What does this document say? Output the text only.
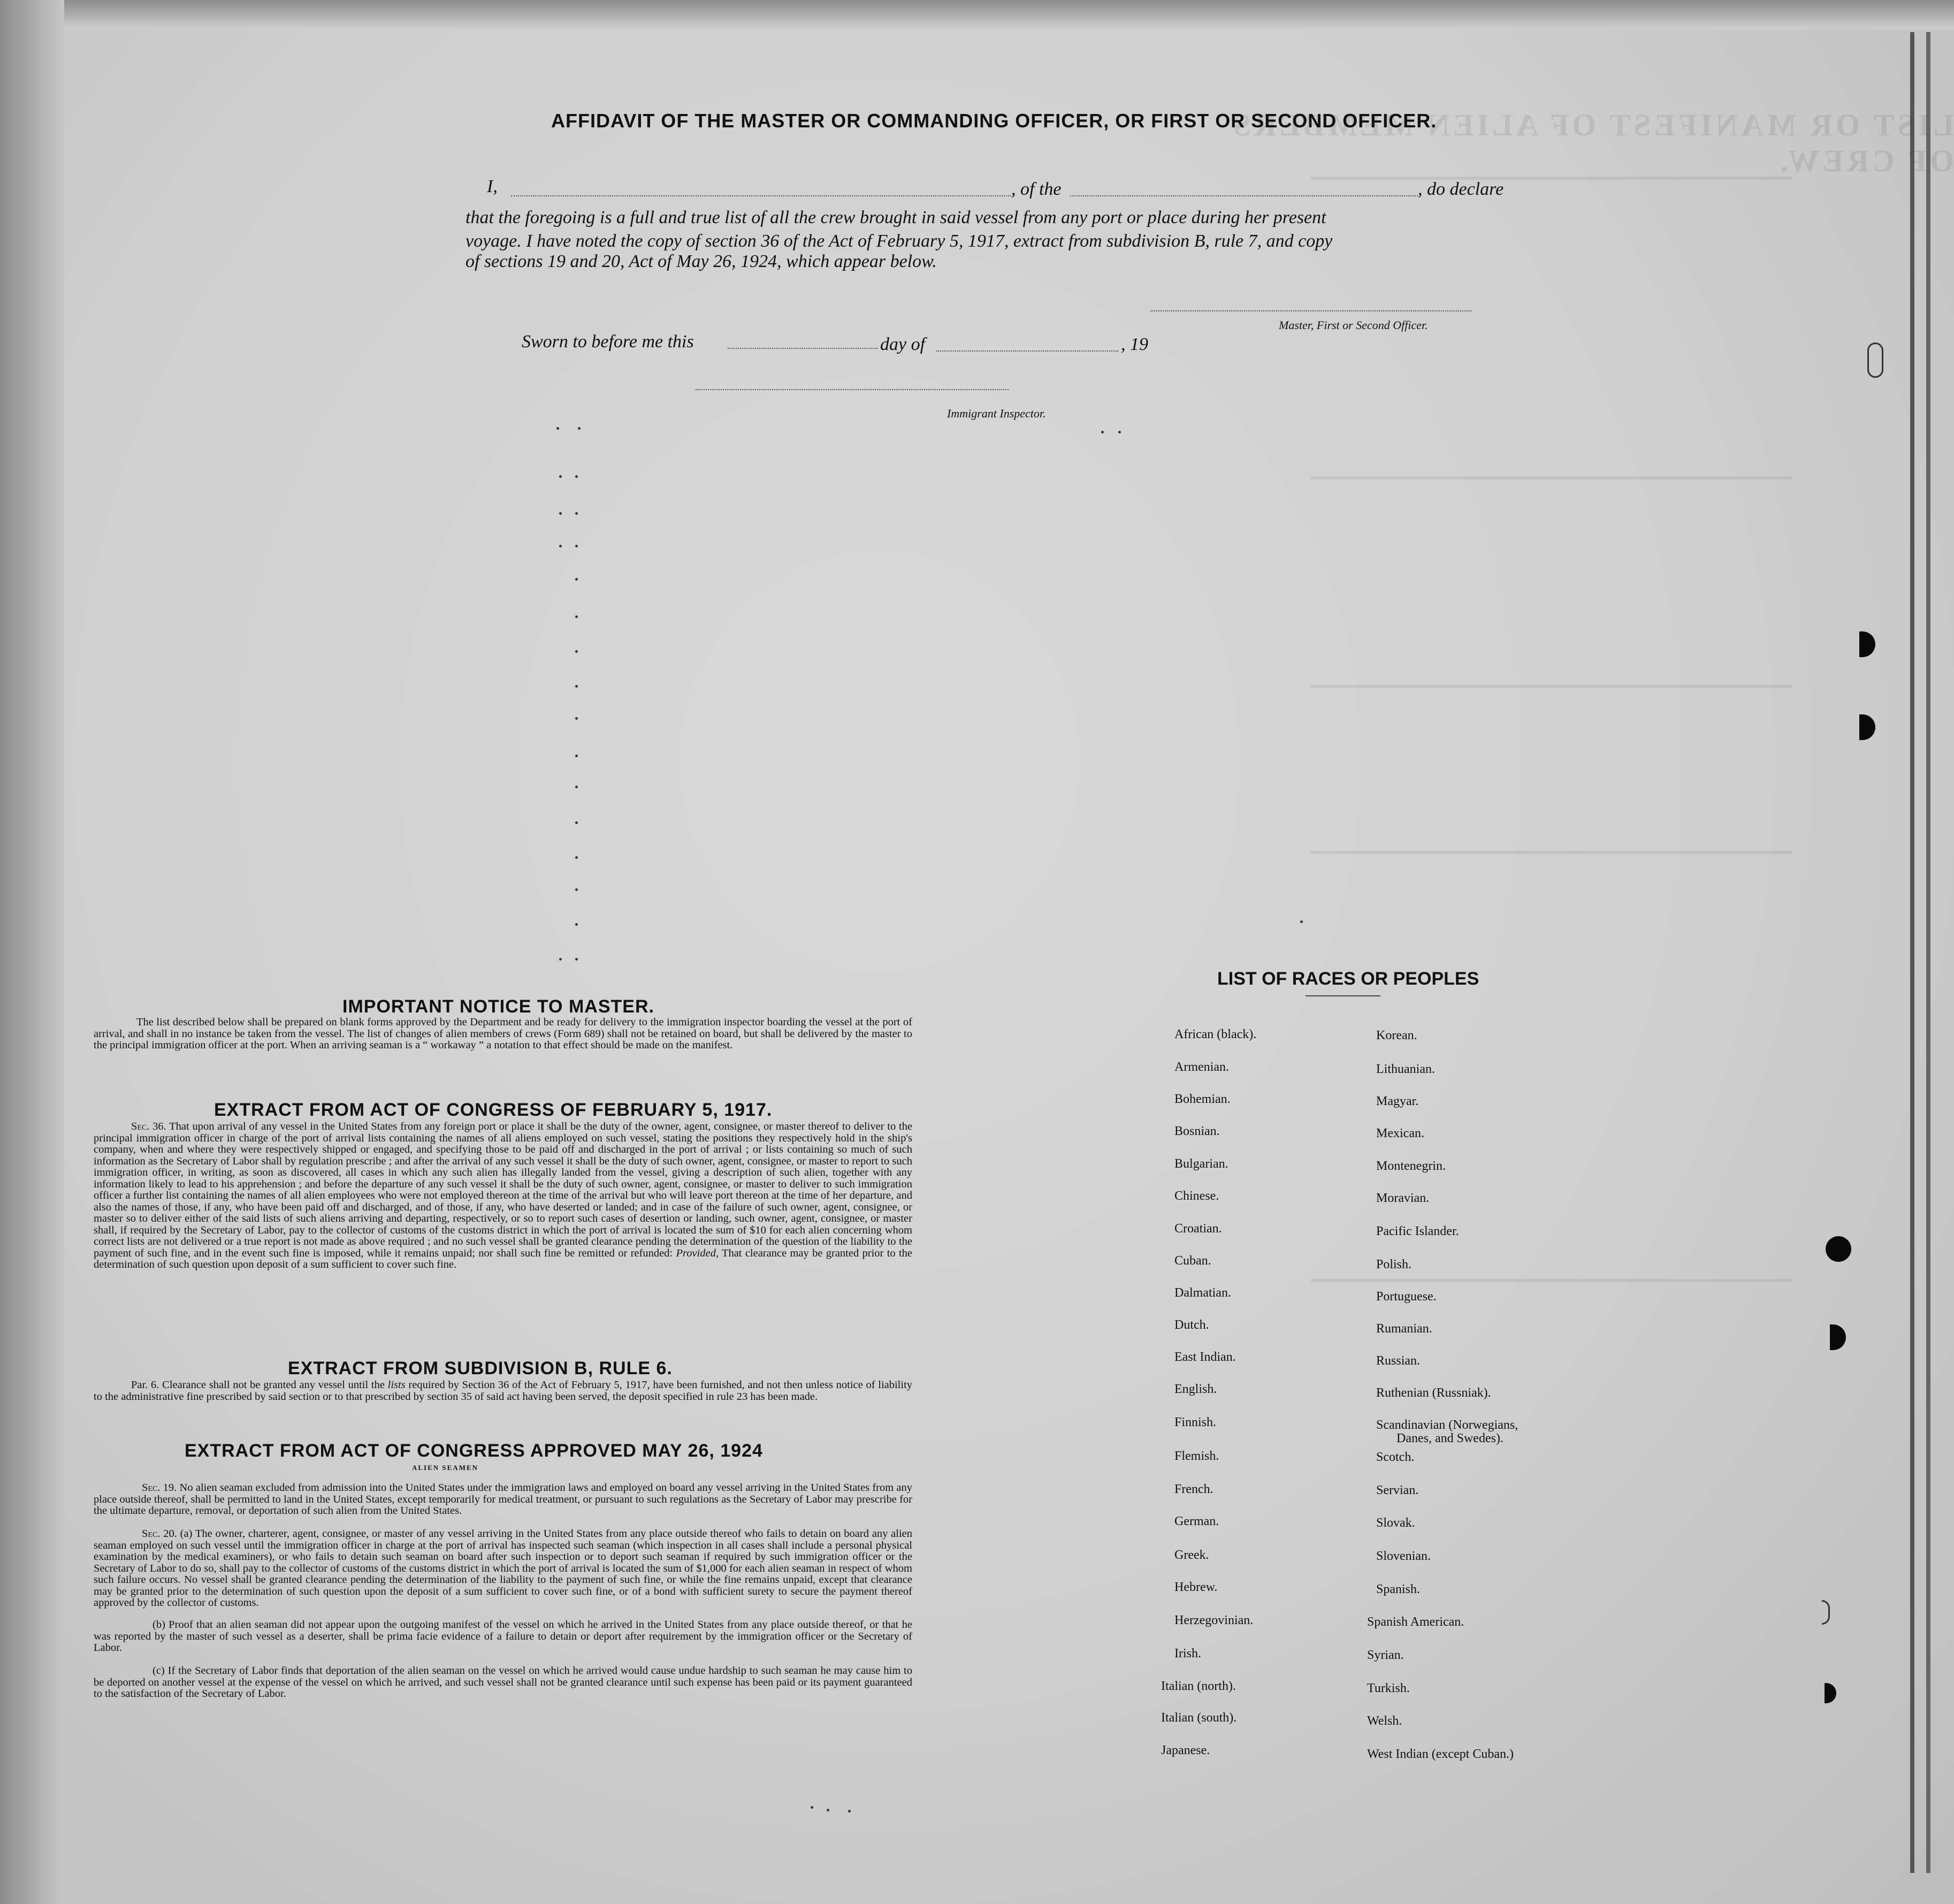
LIST OR MANIFEST OF ALIEN MEMBERS OF CREW.
AFFIDAVIT OF THE MASTER OR COMMANDING OFFICER, OR FIRST OR SECOND OFFICER.
I,	, of the	, do declare
that the foregoing is a full and true list of all the crew brought in said vessel from any port or place during her present
voyage. I have noted the copy of section 36 of the Act of February 5, 1917, extract from subdivision B, rule 7, and copy
of sections 19 and 20, Act of May 26, 1924, which appear below.
Master, First or Second Officer.
Sworn to before me this	day of	, 19
Immigrant Inspector.
IMPORTANT NOTICE TO MASTER.

The list described below shall be prepared on blank forms approved by the Department and be ready for delivery to the immigration inspector boarding the vessel at the port of arrival, and shall in no instance be taken from the vessel. The list of changes of alien members of crews (Form 689) shall not be retained on board, but shall be delivered by the master to the principal immigration officer at the port. When an arriving seaman is a “ workaway ” a notation to that effect should be made on the manifest.

EXTRACT FROM ACT OF CONGRESS OF FEBRUARY 5, 1917.

Sec. 36. That upon arrival of any vessel in the United States from any foreign port or place it shall be the duty of the owner, agent, consignee, or master thereof to deliver to the principal immigration officer in charge of the port of arrival lists containing the names of all aliens employed on such vessel, stating the positions they respectively hold in the ship's company, when and where they were respectively shipped or engaged, and specifying those to be paid off and discharged in the port of arrival ; or lists containing so much of such information as the Secretary of Labor shall by regulation prescribe ; and after the arrival of any such vessel it shall be the duty of such owner, agent, consignee, or master to report to such immigration officer, in writing, as soon as discovered, all cases in which any such alien has illegally landed from the vessel, giving a description of such alien, together with any information likely to lead to his apprehension ; and before the departure of any such vessel it shall be the duty of such owner, agent, consignee, or master to deliver to such immigration officer a further list containing the names of all alien employees who were not employed thereon at the time of the arrival but who will leave port thereon at the time of her departure, and also the names of those, if any, who have been paid off and discharged, and of those, if any, who have deserted or landed; and in case of the failure of such owner, agent, consignee, or master so to deliver either of the said lists of such aliens arriving and departing, respectively, or so to report such cases of desertion or landing, such owner, agent, consignee, or master shall, if required by the Secretary of Labor, pay to the collector of customs of the customs district in which the port of arrival is located the sum of $10 for each alien concerning whom correct lists are not delivered or a true report is not made as above required ; and no such vessel shall be granted clearance pending the determination of the question of the liability to the payment of such fine, and in the event such fine is imposed, while it remains unpaid; nor shall such fine be remitted or refunded: Provided, That clearance may be granted prior to the determination of such question upon deposit of a sum sufficient to cover such fine.

EXTRACT FROM SUBDIVISION B, RULE 6.

Par. 6. Clearance shall not be granted any vessel until the lists required by Section 36 of the Act of February 5, 1917, have been furnished, and not then unless notice of liability to the administrative fine prescribed by said section or to that prescribed by section 35 of said act having been served, the deposit specified in rule 23 has been made.

EXTRACT FROM ACT OF CONGRESS APPROVED MAY 26, 1924
ALIEN SEAMEN

Sec. 19. No alien seaman excluded from admission into the United States under the immigration laws and employed on board any vessel arriving in the United States from any place outside thereof, shall be permitted to land in the United States, except temporarily for medical treatment, or pursuant to such regulations as the Secretary of Labor may prescribe for the ultimate departure, removal, or deportation of such alien from the United States.

Sec. 20. (a) The owner, charterer, agent, consignee, or master of any vessel arriving in the United States from any place outside thereof who fails to detain on board any alien seaman employed on such vessel until the immigration officer in charge at the port of arrival has inspected such seaman (which inspection in all cases shall include a personal physical examination by the medical examiners), or who fails to detain such seaman on board after such inspection or to deport such seaman if required by such immigration officer or the Secretary of Labor to do so, shall pay to the collector of customs of the customs district in which the port of arrival is located the sum of $1,000 for each alien seaman in respect of whom such failure occurs. No vessel shall be granted clearance pending the determination of the liability to the payment of such fine, or while the fine remains unpaid, except that clearance may be granted prior to the determination of such question upon the deposit of a sum sufficient to cover such fine, or of a bond with sufficient surety to secure the payment thereof approved by the collector of customs.

(b) Proof that an alien seaman did not appear upon the outgoing manifest of the vessel on which he arrived in the United States from any place outside thereof, or that he was reported by the master of such vessel as a deserter, shall be prima facie evidence of a failure to detain or deport after requirement by the immigration officer or the Secretary of Labor.

(c) If the Secretary of Labor finds that deportation of the alien seaman on the vessel on which he arrived would cause undue hardship to such seaman he may cause him to be deported on another vessel at the expense of the vessel on which he arrived, and such vessel shall not be granted clearance until such expense has been paid or its payment guaranteed to the satisfaction of the Secretary of Labor.

LIST OF RACES OR PEOPLES
African (black).
Armenian.
Bohemian.
Bosnian.
Bulgarian.
Chinese.
Croatian.
Cuban.
Dalmatian.
Dutch.
East Indian.
English.
Finnish.
Flemish.
French.
German.
Greek.
Hebrew.
Herzegovinian.
Irish.
Italian (north).
Italian (south).
Japanese.
Korean.
Lithuanian.
Magyar.
Mexican.
Montenegrin.
Moravian.
Pacific Islander.
Polish.
Portuguese.
Rumanian.
Russian.
Ruthenian (Russniak).
Scandinavian (Norwegians,
Scotch.
Servian.
Slovak.
Slovenian.
Spanish.
Spanish American.
Syrian.
Turkish.
Welsh.
West Indian (except Cuban.)
Danes, and Swedes).
